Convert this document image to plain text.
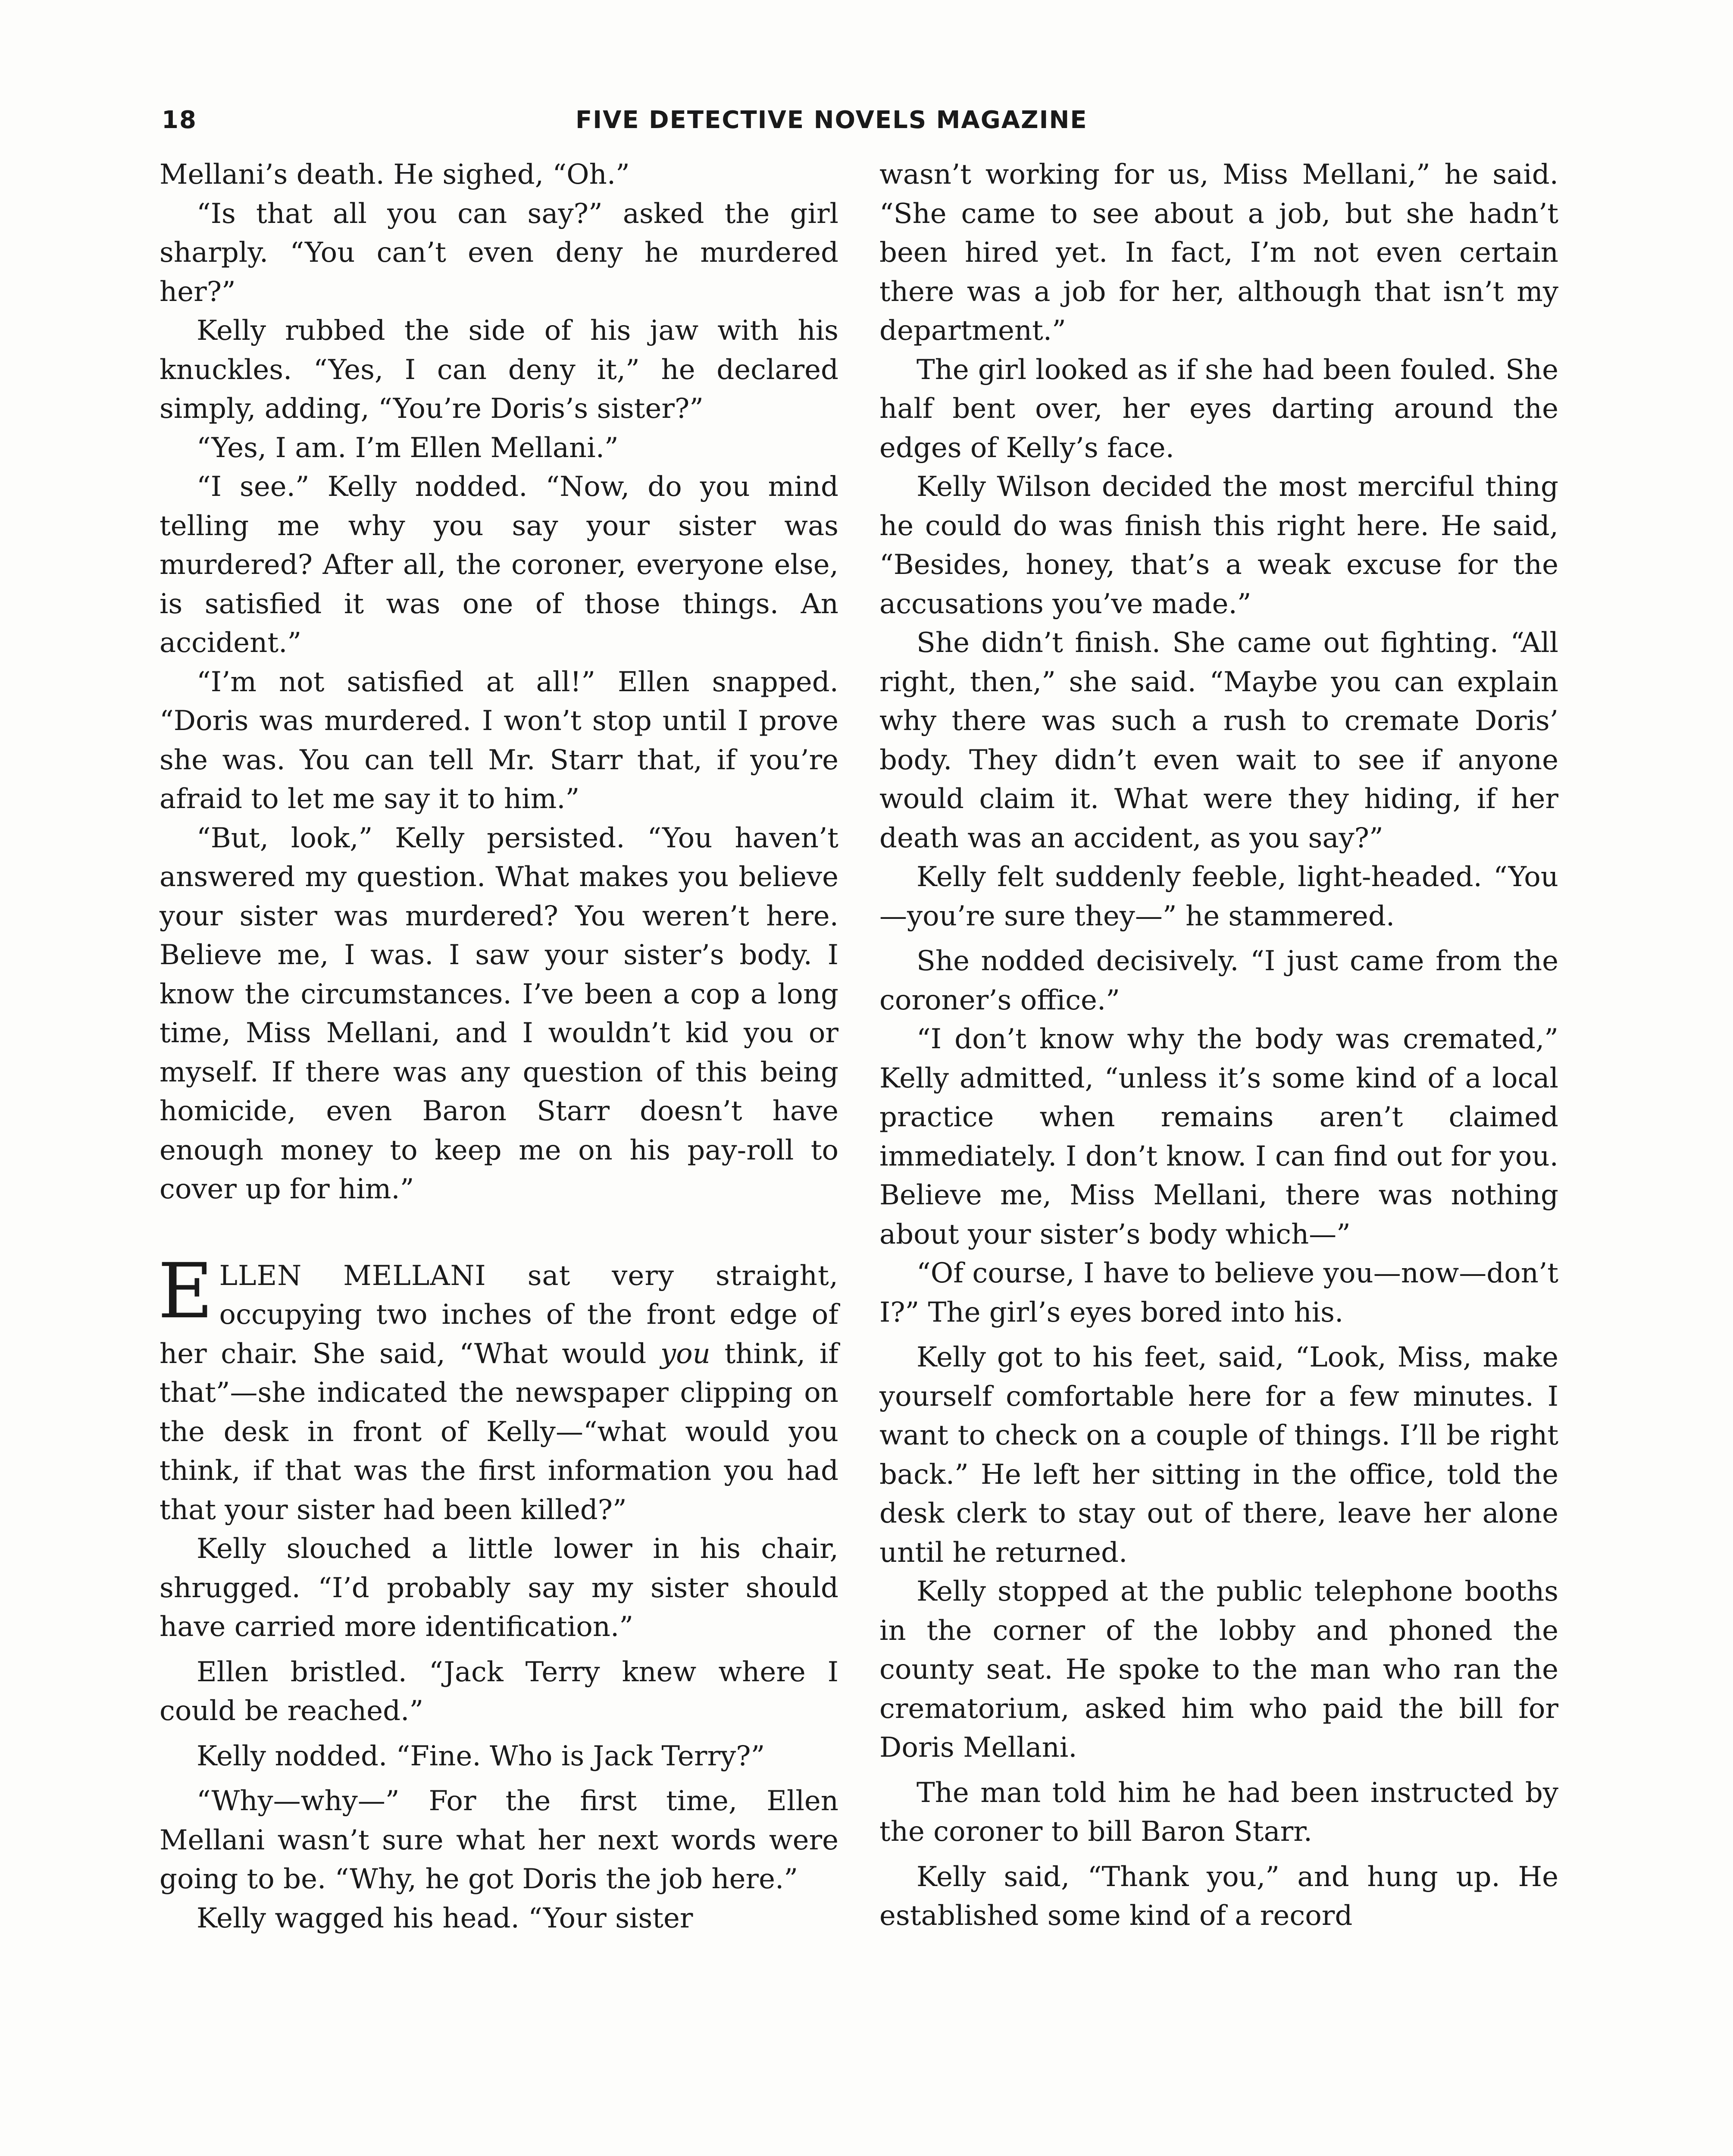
18	FIVE DETECTIVE NOVELS MAGAZINE

Mellani’s death. He sighed, “Oh.”

“Is that all you can say?” asked the girl sharply. “You can’t even deny he murdered her?”

Kelly rubbed the side of his jaw with his knuckles. “Yes, I can deny it,” he declared simply, adding, “You’re Doris’s sister?”

“Yes, I am. I’m Ellen Mellani.”

“I see.” Kelly nodded. “Now, do you mind telling me why you say your sister was murdered? After all, the coroner, everyone else, is satisfied it was one of those things. An accident.”

“I’m not satisfied at all!” Ellen snapped. “Doris was murdered. I won’t stop until I prove she was. You can tell Mr. Starr that, if you’re afraid to let me say it to him.”

“But, look,” Kelly persisted. “You haven’t answered my question. What makes you believe your sister was murdered? You weren’t here. Believe me, I was. I saw your sister’s body. I know the circumstances. I’ve been a cop a long time, Miss Mellani, and I wouldn’t kid you or myself. If there was any question of this being homicide, even Baron Starr doesn’t have enough money to keep me on his pay-roll to cover up for him.”

ELLEN MELLANI sat very straight, occupying two inches of the front edge of her chair. She said, “What would you think, if that”—she indicated the newspaper clipping on the desk in front of Kelly—“what would you think, if that was the first information you had that your sister had been killed?”

Kelly slouched a little lower in his chair, shrugged. “I’d probably say my sister should have carried more identification.”

Ellen bristled. “Jack Terry knew where I could be reached.”

Kelly nodded. “Fine. Who is Jack Terry?”

“Why—why—” For the first time, Ellen Mellani wasn’t sure what her next words were going to be. “Why, he got Doris the job here.”

Kelly wagged his head. “Your sister

wasn’t working for us, Miss Mellani,” he said. “She came to see about a job, but she hadn’t been hired yet. In fact, I’m not even certain there was a job for her, although that isn’t my department.”

The girl looked as if she had been fouled. She half bent over, her eyes darting around the edges of Kelly’s face.

Kelly Wilson decided the most merciful thing he could do was finish this right here. He said, “Besides, honey, that’s a weak excuse for the accusations you’ve made.”

She didn’t finish. She came out fighting. “All right, then,” she said. “Maybe you can explain why there was such a rush to cremate Doris’ body. They didn’t even wait to see if anyone would claim it. What were they hiding, if her death was an accident, as you say?”

Kelly felt suddenly feeble, light-headed. “You—you’re sure they—” he stammered.

She nodded decisively. “I just came from the coroner’s office.”

“I don’t know why the body was cremated,” Kelly admitted, “unless it’s some kind of a local practice when remains aren’t claimed immediately. I don’t know. I can find out for you. Believe me, Miss Mellani, there was nothing about your sister’s body which—”

“Of course, I have to believe you—now—don’t I?” The girl’s eyes bored into his.

Kelly got to his feet, said, “Look, Miss, make yourself comfortable here for a few minutes. I want to check on a couple of things. I’ll be right back.” He left her sitting in the office, told the desk clerk to stay out of there, leave her alone until he returned.

Kelly stopped at the public telephone booths in the corner of the lobby and phoned the county seat. He spoke to the man who ran the crematorium, asked him who paid the bill for Doris Mellani.

The man told him he had been instructed by the coroner to bill Baron Starr.

Kelly said, “Thank you,” and hung up. He established some kind of a record
